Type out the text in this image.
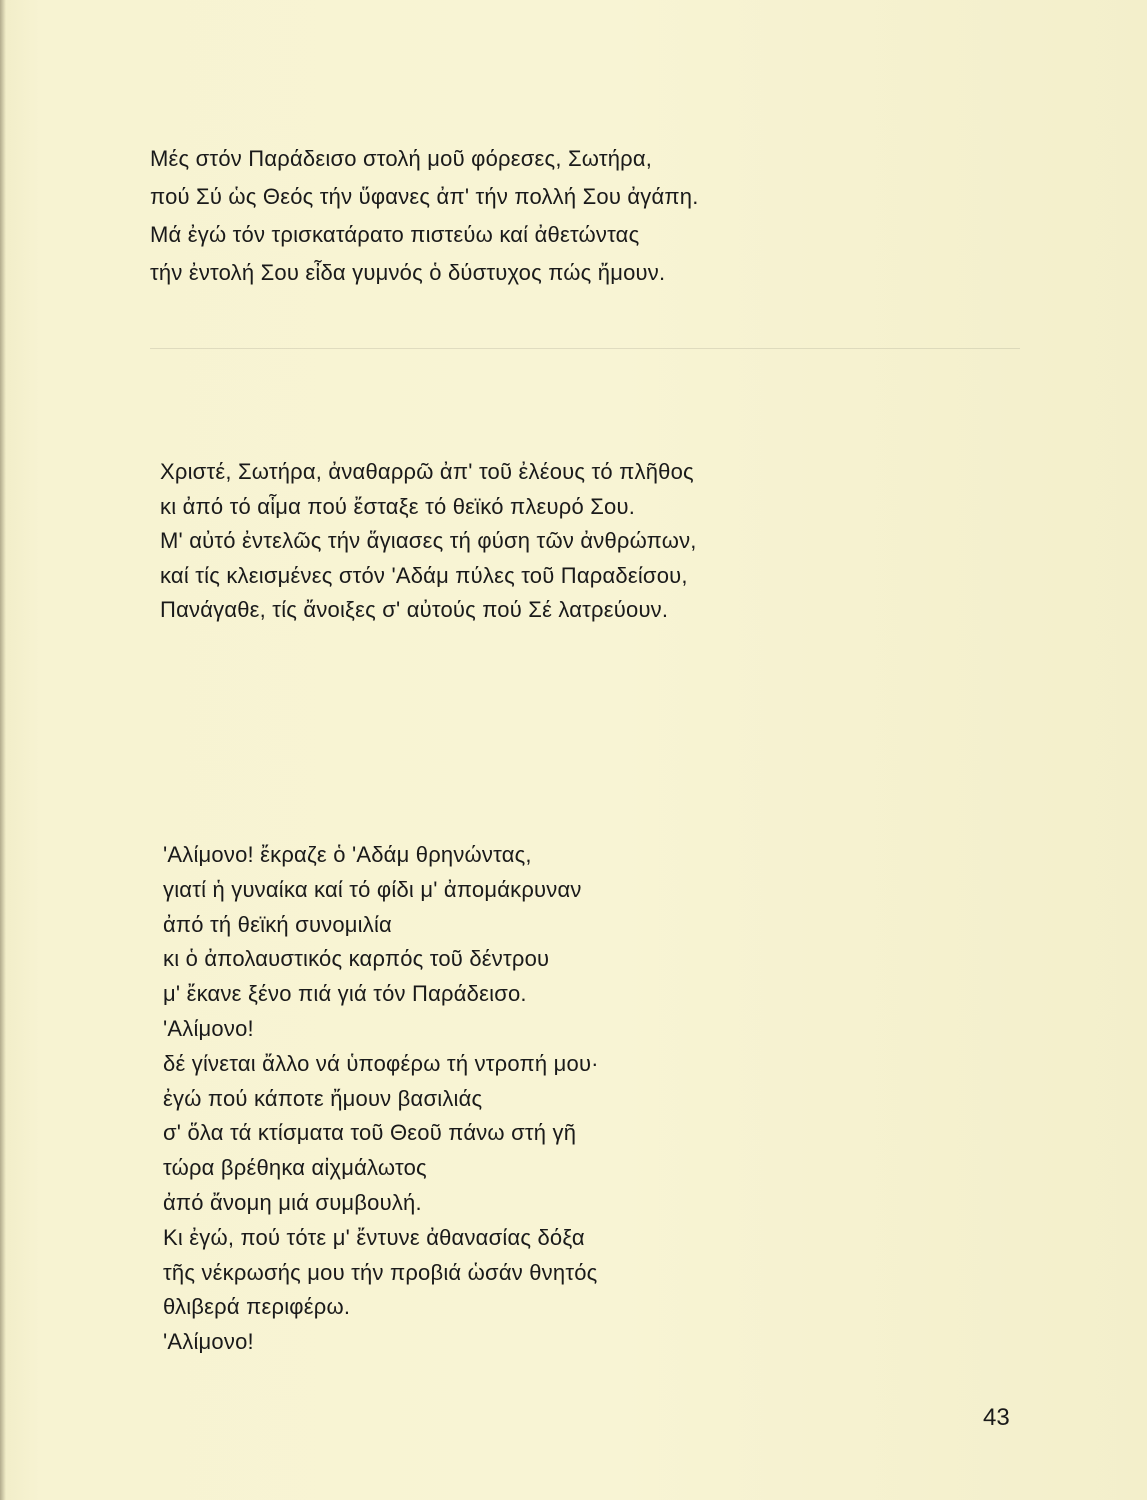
Μές στόν Παράδεισο στολή μοῦ φόρεσες, Σωτήρα,
πού Σύ ὡς Θεός τήν ὕφανες ἀπ' τήν πολλή Σου ἀγάπη.
Μά ἐγώ τόν τρισκατάρατο πιστεύω καί ἀθετώντας
τήν ἐντολή Σου εἶδα γυμνός ὁ δύστυχος πώς ἤμουν.
Χριστέ, Σωτήρα, ἀναθαρρῶ ἀπ' τοῦ ἐλέους τό πλῆθος
κι ἀπό τό αἷμα πού ἔσταξε τό θεϊκό πλευρό Σου.
Μ' αὐτό ἐντελῶς τήν ἅγιασες τή φύση τῶν ἀνθρώπων,
καί τίς κλεισμένες στόν 'Αδάμ πύλες τοῦ Παραδείσου,
Πανάγαθε, τίς ἄνοιξες σ' αὐτούς πού Σέ λατρεύουν.
'Αλίμονο! ἔκραζε ὁ 'Αδάμ θρηνώντας,
γιατί ἡ γυναίκα καί τό φίδι μ' ἀπομάκρυναν
ἀπό τή θεϊκή συνομιλία
κι ὁ ἀπολαυστικός καρπός τοῦ δέντρου
μ' ἔκανε ξένο πιά γιά τόν Παράδεισο.
'Αλίμονο!
δέ γίνεται ἄλλο νά ὑποφέρω τή ντροπή μου·
ἐγώ πού κάποτε ἤμουν βασιλιάς
σ' ὅλα τά κτίσματα τοῦ Θεοῦ πάνω στή γῆ
τώρα βρέθηκα αἰχμάλωτος
ἀπό ἄνομη μιά συμβουλή.
Κι ἐγώ, πού τότε μ' ἔντυνε ἀθανασίας δόξα
τῆς νέκρωσής μου τήν προβιά ὡσάν θνητός
θλιβερά περιφέρω.
'Αλίμονο!
43
